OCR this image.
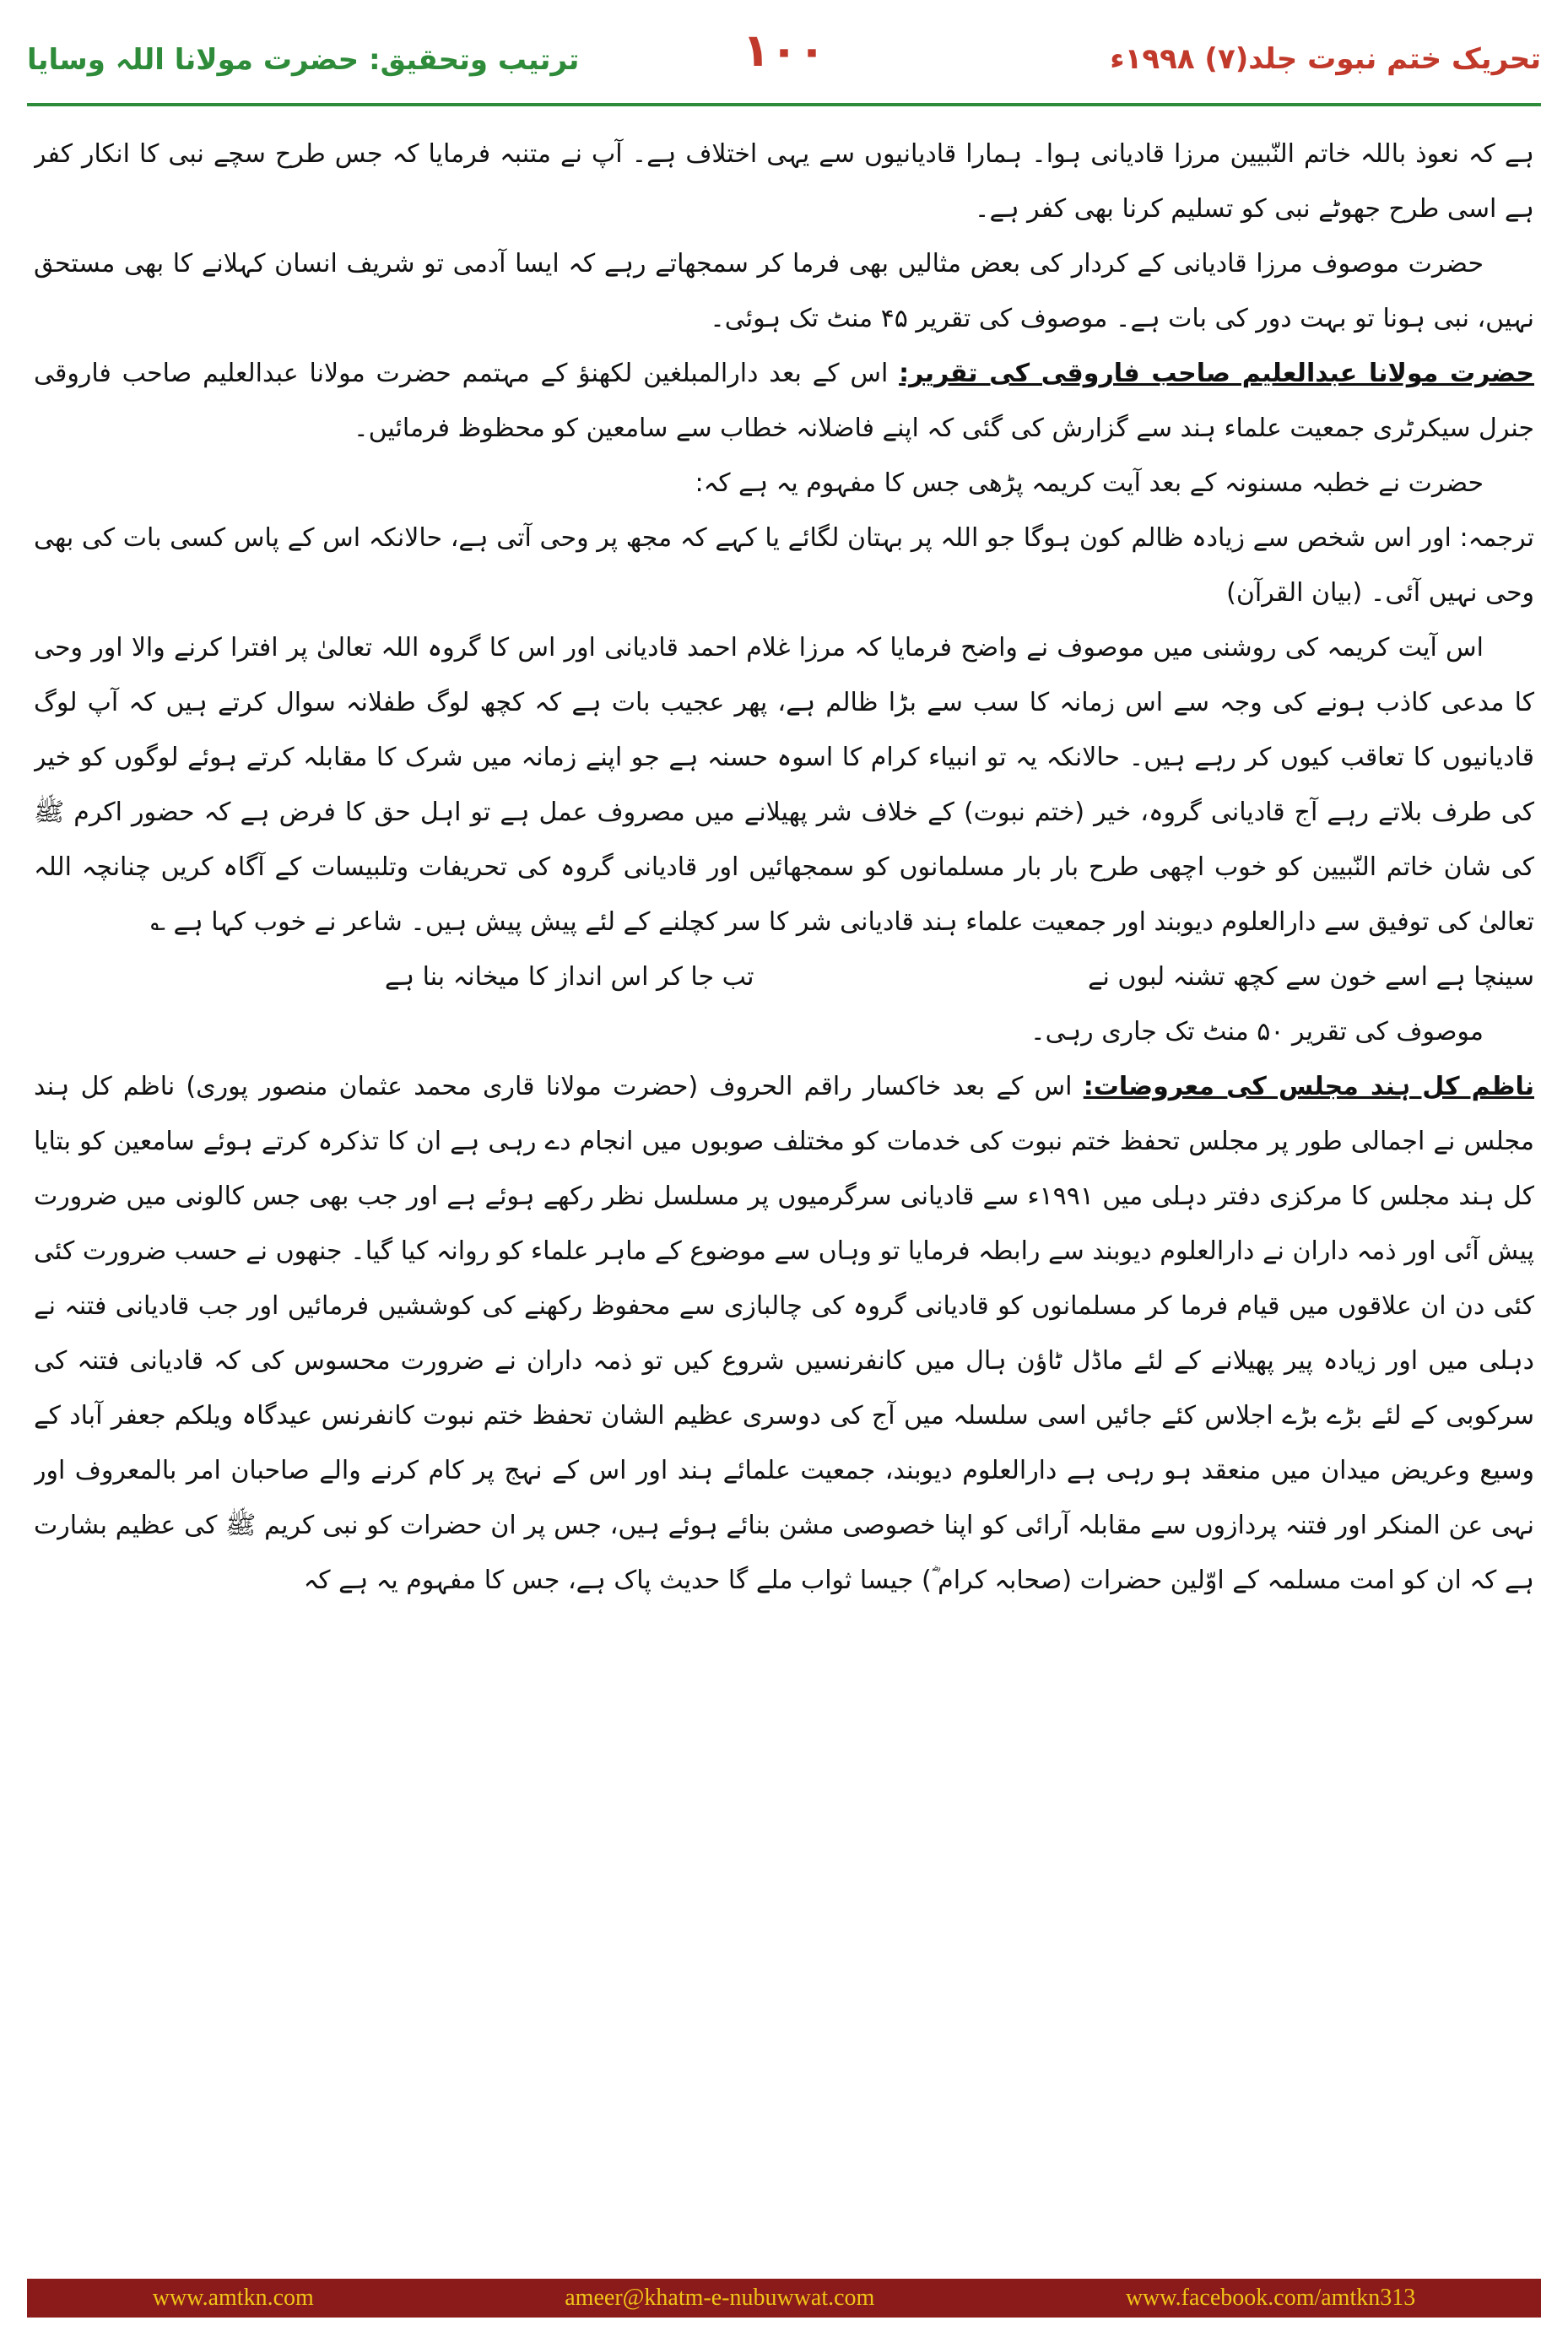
ترتیب وتحقیق: حضرت مولانا اللہ وسایا	۱۰۰	تحریک ختم نبوت جلد(۷) ۱۹۹۸ء

ہے کہ نعوذ باللہ خاتم النّبیین مرزا قادیانی ہوا۔ ہمارا قادیانیوں سے یہی اختلاف ہے۔ آپ نے متنبہ فرمایا کہ جس طرح سچے نبی کا انکار کفر ہے اسی طرح جھوٹے نبی کو تسلیم کرنا بھی کفر ہے۔

حضرت موصوف مرزا قادیانی کے کردار کی بعض مثالیں بھی فرما کر سمجھاتے رہے کہ ایسا آدمی تو شریف انسان کہلانے کا بھی مستحق نہیں، نبی ہونا تو بہت دور کی بات ہے۔ موصوف کی تقریر ۴۵ منٹ تک ہوئی۔

حضرت مولانا عبدالعلیم صاحب فاروقی کی تقریر: اس کے بعد دارالمبلغین لکھنؤ کے مہتمم حضرت مولانا عبدالعلیم صاحب فاروقی جنرل سیکرٹری جمعیت علماء ہند سے گزارش کی گئی کہ اپنے فاضلانہ خطاب سے سامعین کو محظوظ فرمائیں۔

حضرت نے خطبہ مسنونہ کے بعد آیت کریمہ پڑھی جس کا مفہوم یہ ہے کہ:

ترجمہ: اور اس شخص سے زیادہ ظالم کون ہوگا جو اللہ پر بہتان لگائے یا کہے کہ مجھ پر وحی آتی ہے، حالانکہ اس کے پاس کسی بات کی بھی وحی نہیں آئی۔ (بیان القرآن)

اس آیت کریمہ کی روشنی میں موصوف نے واضح فرمایا کہ مرزا غلام احمد قادیانی اور اس کا گروہ اللہ تعالیٰ پر افترا کرنے والا اور وحی کا مدعی کاذب ہونے کی وجہ سے اس زمانہ کا سب سے بڑا ظالم ہے، پھر عجیب بات ہے کہ کچھ لوگ طفلانہ سوال کرتے ہیں کہ آپ لوگ قادیانیوں کا تعاقب کیوں کر رہے ہیں۔ حالانکہ یہ تو انبیاء کرام کا اسوہ حسنہ ہے جو اپنے زمانہ میں شرک کا مقابلہ کرتے ہوئے لوگوں کو خیر کی طرف بلاتے رہے آج قادیانی گروہ، خیر (ختم نبوت) کے خلاف شر پھیلانے میں مصروف عمل ہے تو اہل حق کا فرض ہے کہ حضور اکرم ﷺ کی شان خاتم النّبیین کو خوب اچھی طرح بار بار مسلمانوں کو سمجھائیں اور قادیانی گروہ کی تحریفات وتلبیسات کے آگاہ کریں چنانچہ اللہ تعالیٰ کی توفیق سے دارالعلوم دیوبند اور جمعیت علماء ہند قادیانی شر کا سر کچلنے کے لئے پیش پیش ہیں۔ شاعر نے خوب کہا ہے ؎

سینچا ہے اسے خون سے کچھ تشنہ لبوں نے
تب جا کر اس انداز کا میخانہ بنا ہے

موصوف کی تقریر ۵۰ منٹ تک جاری رہی۔

ناظم کل ہند مجلس کی معروضات: اس کے بعد خاکسار راقم الحروف (حضرت مولانا قاری محمد عثمان منصور پوری) ناظم کل ہند مجلس نے اجمالی طور پر مجلس تحفظ ختم نبوت کی خدمات کو مختلف صوبوں میں انجام دے رہی ہے ان کا تذکرہ کرتے ہوئے سامعین کو بتایا کل ہند مجلس کا مرکزی دفتر دہلی میں ۱۹۹۱ء سے قادیانی سرگرمیوں پر مسلسل نظر رکھے ہوئے ہے اور جب بھی جس کالونی میں ضرورت پیش آئی اور ذمہ داران نے دارالعلوم دیوبند سے رابطہ فرمایا تو وہاں سے موضوع کے ماہر علماء کو روانہ کیا گیا۔ جنھوں نے حسب ضرورت کئی کئی دن ان علاقوں میں قیام فرما کر مسلمانوں کو قادیانی گروہ کی چالبازی سے محفوظ رکھنے کی کوششیں فرمائیں اور جب قادیانی فتنہ نے دہلی میں اور زیادہ پیر پھیلانے کے لئے ماڈل ٹاؤن ہال میں کانفرنسیں شروع کیں تو ذمہ داران نے ضرورت محسوس کی کہ قادیانی فتنہ کی سرکوبی کے لئے بڑے بڑے اجلاس کئے جائیں اسی سلسلہ میں آج کی دوسری عظیم الشان تحفظ ختم نبوت کانفرنس عیدگاہ ویلکم جعفر آباد کے وسیع وعریض میدان میں منعقد ہو رہی ہے دارالعلوم دیوبند، جمعیت علمائے ہند اور اس کے نہج پر کام کرنے والے صاحبان امر بالمعروف اور نہی عن المنکر اور فتنہ پردازوں سے مقابلہ آرائی کو اپنا خصوصی مشن بنائے ہوئے ہیں، جس پر ان حضرات کو نبی کریم ﷺ کی عظیم بشارت ہے کہ ان کو امت مسلمہ کے اوّلین حضرات (صحابہ کرام ؓ) جیسا ثواب ملے گا حدیث پاک ہے، جس کا مفہوم یہ ہے کہ

www.amtkn.com	ameer@khatm-e-nubuwwat.com	www.facebook.com/amtkn313
